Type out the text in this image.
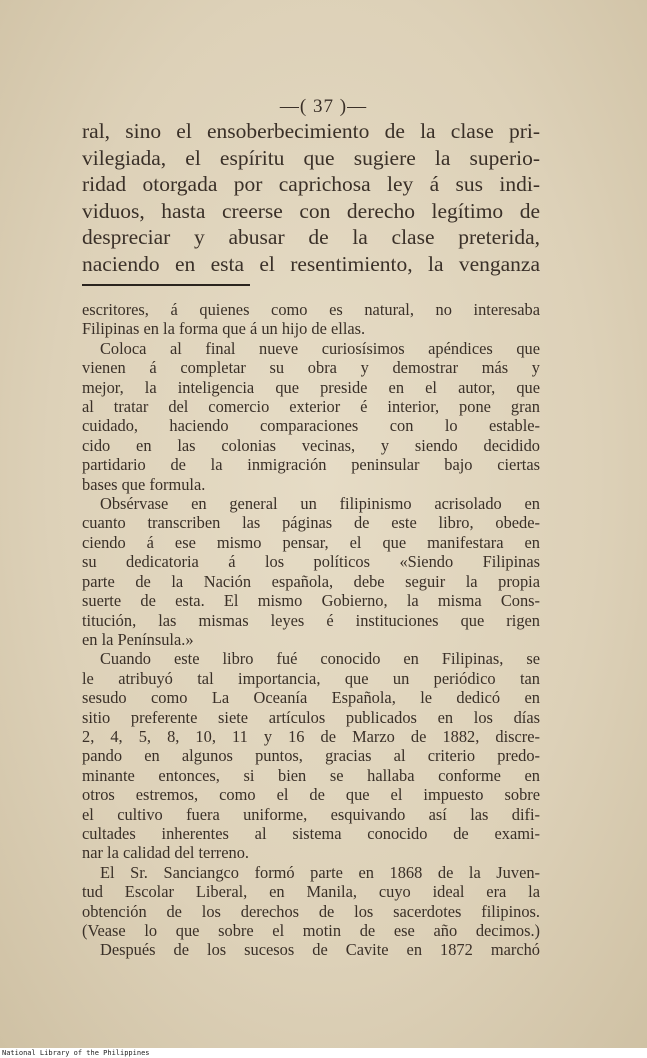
—( 37 )—
ral, sino el ensoberbecimiento de la clase pri-
vilegiada, el espíritu que sugiere la superio-
ridad otorgada por caprichosa ley á sus indi-
viduos, hasta creerse con derecho legítimo de
despreciar y abusar de la clase preterida,
naciendo en esta el resentimiento, la venganza
escritores, á quienes como es natural, no interesaba
Filipinas en la forma que á un hijo de ellas.
Coloca al final nueve curiosísimos apéndices que
vienen á completar su obra y demostrar más y
mejor, la inteligencia que preside en el autor, que
al tratar del comercio exterior é interior, pone gran
cuidado, haciendo comparaciones con lo estable-
cido en las colonias vecinas, y siendo decidido
partidario de la inmigración peninsular bajo ciertas
bases que formula.
Obsérvase en general un filipinismo acrisolado en
cuanto transcriben las páginas de este libro, obede-
ciendo á ese mismo pensar, el que manifestara en
su dedicatoria á los políticos «Siendo Filipinas
parte de la Nación española, debe seguir la propia
suerte de esta. El mismo Gobierno, la misma Cons-
titución, las mismas leyes é instituciones que rigen
en la Península.»
Cuando este libro fué conocido en Filipinas, se
le atribuyó tal importancia, que un periódico tan
sesudo como La Oceanía Española, le dedicó en
sitio preferente siete artículos publicados en los días
2, 4, 5, 8, 10, 11 y 16 de Marzo de 1882, discre-
pando en algunos puntos, gracias al criterio predo-
minante entonces, si bien se hallaba conforme en
otros estremos, como el de que el impuesto sobre
el cultivo fuera uniforme, esquivando así las difi-
cultades inherentes al sistema conocido de exami-
nar la calidad del terreno.
El Sr. Sanciangco formó parte en 1868 de la Juven-
tud Escolar Liberal, en Manila, cuyo ideal era la
obtención de los derechos de los sacerdotes filipinos.
(Vease lo que sobre el motin de ese año decimos.)
Después de los sucesos de Cavite en 1872 marchó
National Library of the Philippines
